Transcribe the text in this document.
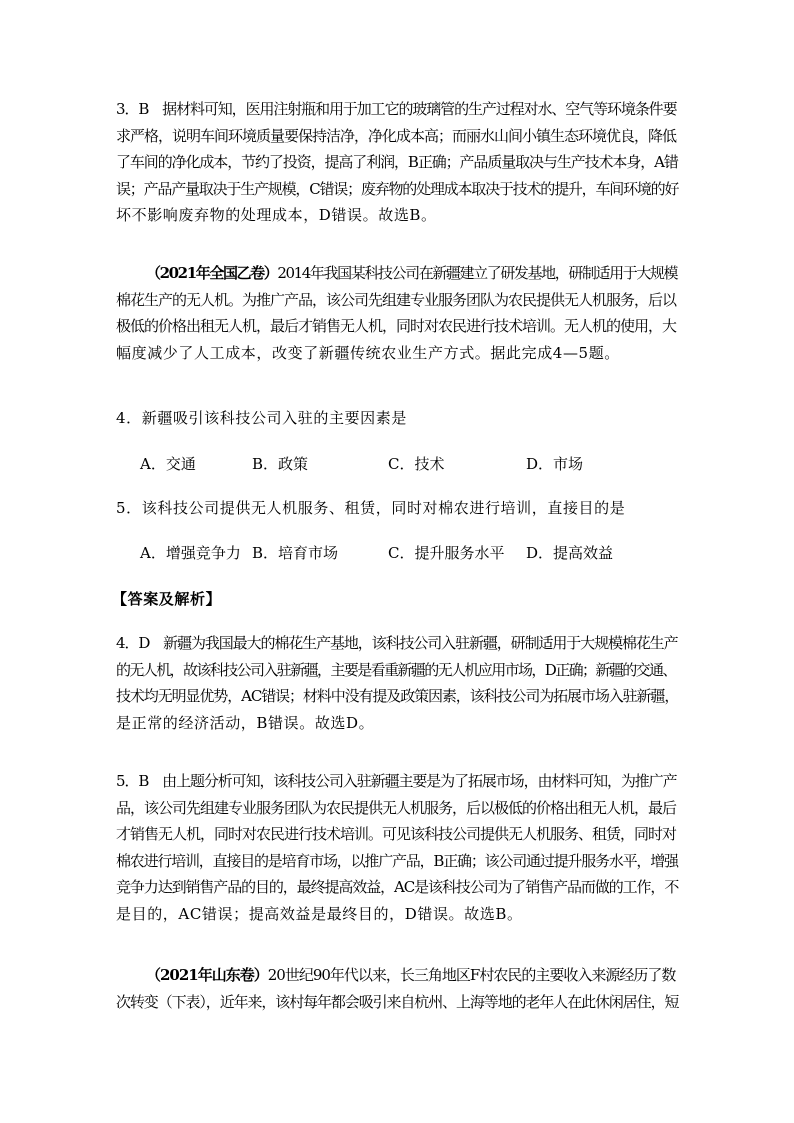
3．B　据材料可知，医用注射瓶和用于加工它的玻璃管的生产过程对水、空气等环境条件要
求严格，说明车间环境质量要保持洁净，净化成本高；而丽水山间小镇生态环境优良，降低
了车间的净化成本，节约了投资，提高了利润，B正确；产品质量取决与生产技术本身，A错
误；产品产量取决于生产规模，C错误；废弃物的处理成本取决于技术的提升，车间环境的好
坏不影响废弃物的处理成本，D错误。故选B。
（2021年全国乙卷）2014年我国某科技公司在新疆建立了研发基地，研制适用于大规模
棉花生产的无人机。为推广产品，该公司先组建专业服务团队为农民提供无人机服务，后以
极低的价格出租无人机，最后才销售无人机，同时对农民进行技术培训。无人机的使用，大
幅度减少了人工成本，改变了新疆传统农业生产方式。据此完成4—5题。
4．新疆吸引该科技公司入驻的主要因素是
A．交通	B．政策	C．技术	D．市场
5．该科技公司提供无人机服务、租赁，同时对棉农进行培训，直接目的是
A．增强竞争力 B．培育市场	C．提升服务水平 D．提高效益
【答案及解析】
4．D　新疆为我国最大的棉花生产基地，该科技公司入驻新疆，研制适用于大规模棉花生产
的无人机，故该科技公司入驻新疆，主要是看重新疆的无人机应用市场，D正确；新疆的交通、
技术均无明显优势，AC错误；材料中没有提及政策因素，该科技公司为拓展市场入驻新疆，
是正常的经济活动，B错误。故选D。
5．B　由上题分析可知，该科技公司入驻新疆主要是为了拓展市场，由材料可知，为推广产
品，该公司先组建专业服务团队为农民提供无人机服务，后以极低的价格出租无人机，最后
才销售无人机，同时对农民进行技术培训。可见该科技公司提供无人机服务、租赁，同时对
棉农进行培训，直接目的是培育市场，以推广产品，B正确；该公司通过提升服务水平，增强
竞争力达到销售产品的目的，最终提高效益，AC是该科技公司为了销售产品而做的工作，不
是目的，AC错误；提高效益是最终目的，D错误。故选B。
（2021年山东卷）20世纪90年代以来，长三角地区F村农民的主要收入来源经历了数
次转变（下表），近年来，该村每年都会吸引来自杭州、上海等地的老年人在此休闲居住，短
